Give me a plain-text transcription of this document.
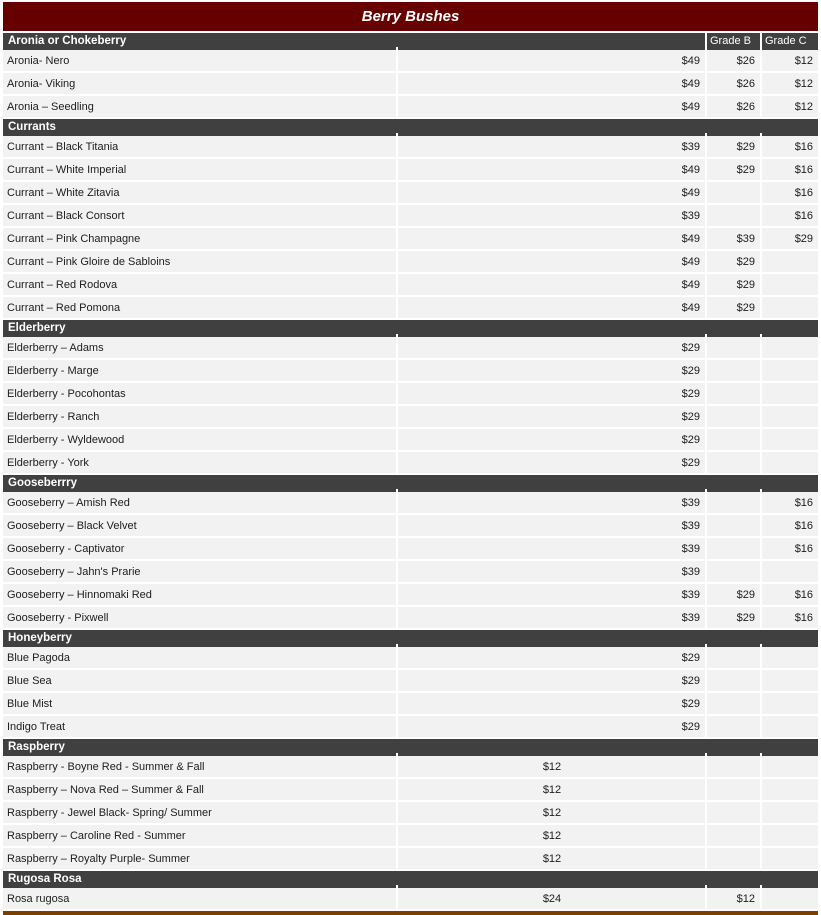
Berry Bushes			
Aronia or Chokeberry		Grade B	Grade C
Aronia- Nero	$49	$26	$12
Aronia- Viking	$49	$26	$12
Aronia – Seedling	$49	$26	$12
Currants			
Currant – Black Titania	$39	$29	$16
Currant – White Imperial	$49	$29	$16
Currant – White Zitavia	$49		$16
Currant – Black Consort	$39		$16
Currant – Pink Champagne	$49	$39	$29
Currant – Pink Gloire de Sabloins	$49	$29	
Currant – Red Rodova	$49	$29	
Currant – Red Pomona	$49	$29	
Elderberry			
Elderberry – Adams	$29		
Elderberry - Marge	$29		
Elderberry - Pocohontas	$29		
Elderberry - Ranch	$29		
Elderberry - Wyldewood	$29		
Elderberry - York	$29		
Gooseberrry			
Gooseberry – Amish Red	$39		$16
Gooseberry – Black Velvet	$39		$16
Gooseberry - Captivator	$39		$16
Gooseberry – Jahn's Prarie	$39		
Gooseberry – Hinnomaki Red	$39	$29	$16
Gooseberry - Pixwell	$39	$29	$16
Honeyberry			
Blue Pagoda	$29		
Blue Sea	$29		
Blue Mist	$29		
Indigo Treat	$29		
Raspberry			
Raspberry - Boyne Red - Summer & Fall	$12		
Raspberry – Nova Red – Summer & Fall	$12		
Raspberry - Jewel Black- Spring/ Summer	$12		
Raspberry – Caroline Red - Summer	$12		
Raspberry – Royalty Purple- Summer	$12		
Rugosa Rosa			
Rosa rugosa	$24	$12	
